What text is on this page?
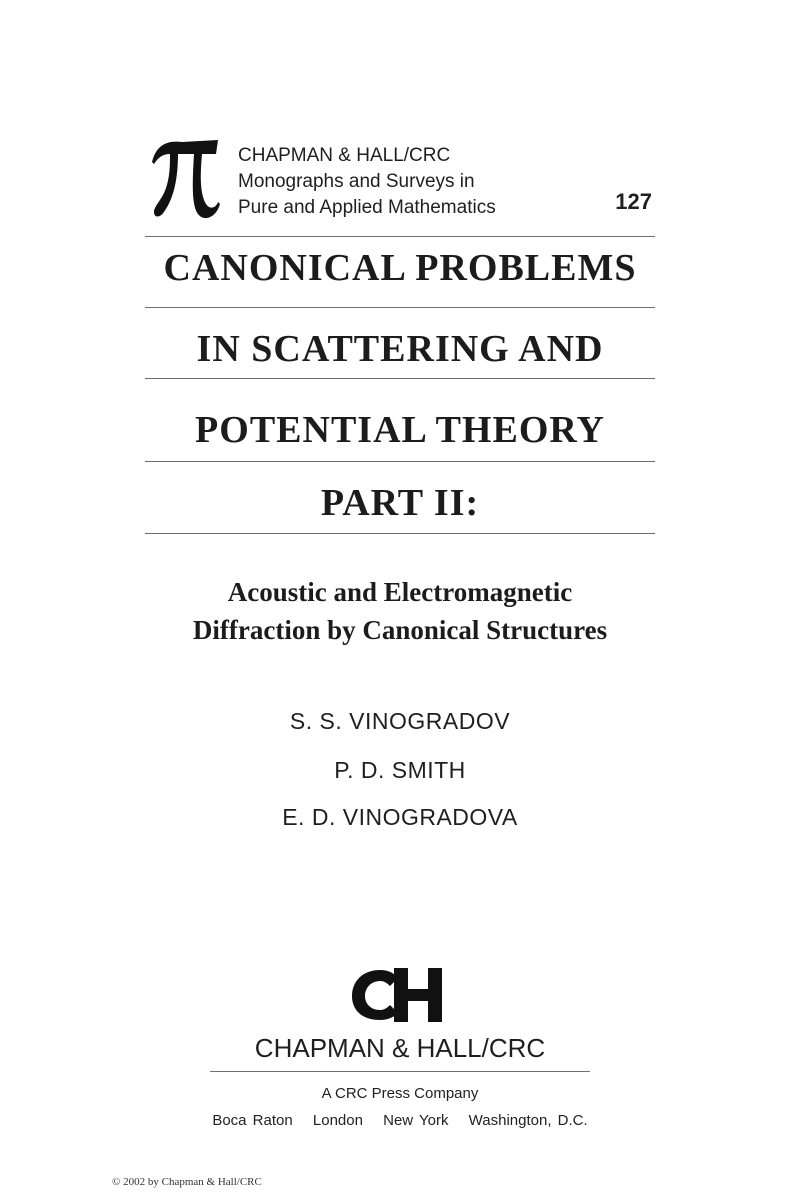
CHAPMAN & HALL/CRC
Monographs and Surveys in
Pure and Applied Mathematics	127
CANONICAL PROBLEMS
IN SCATTERING AND
POTENTIAL THEORY
PART II:
Acoustic and Electromagnetic
Diffraction by Canonical Structures
S. S. VINOGRADOV
P. D. SMITH
E. D. VINOGRADOVA
CHAPMAN & HALL/CRC
A CRC Press Company
Boca Raton London New York Washington, D.C.
© 2002 by Chapman & Hall/CRC
